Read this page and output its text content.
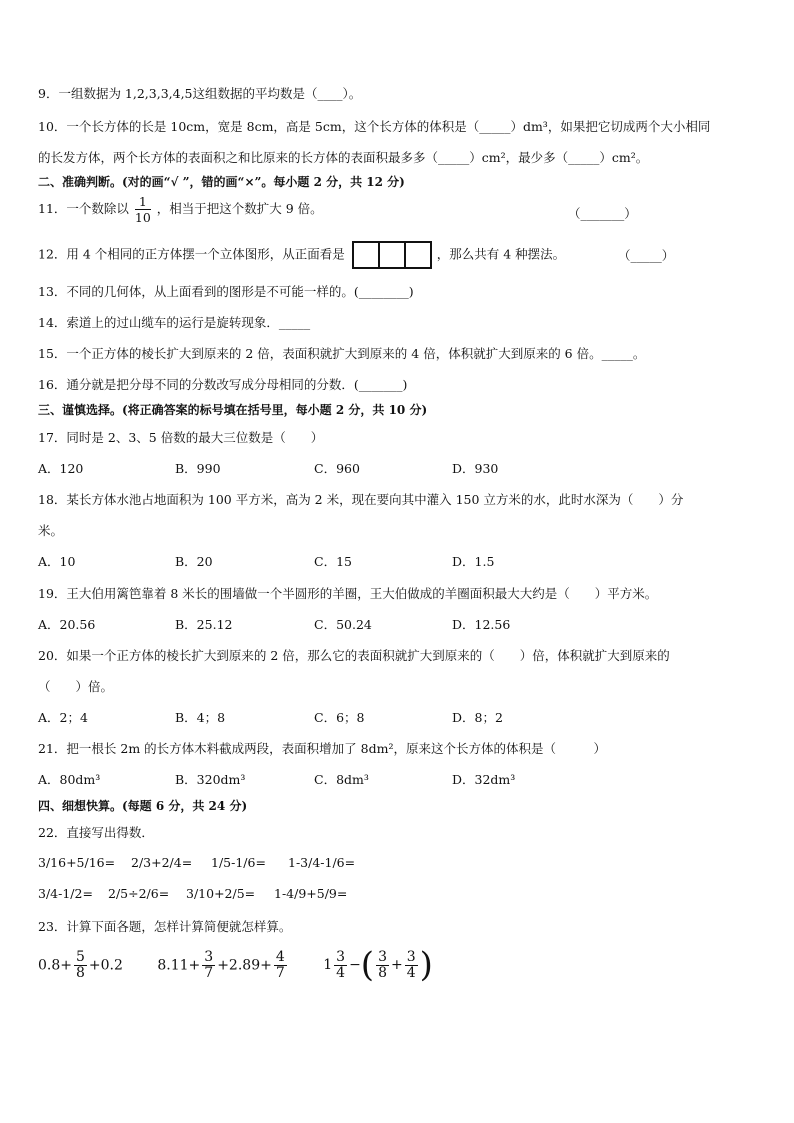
9．一组数据为 1,2,3,3,4,5这组数据的平均数是（____）。
10．一个长方体的长是 10cm，宽是 8cm，高是 5cm，这个长方体的体积是（_____）dm³，如果把它切成两个大小相同
的长发方体，两个长方体的表面积之和比原来的长方体的表面积最多多（_____）cm²，最少多（_____）cm²。
二、准确判断。(对的画“√ ”，错的画“×”。每小题 2 分，共 12 分)
11．一个数除以 $\frac{1}{10}$ ，相当于把这个数扩大 9 倍。	（_______）
12．用 4 个相同的正方体摆一个立体图形，从正面看是	，那么共有 4 种摆法。	（_____）
13．不同的几何体，从上面看到的图形是不可能一样的。(________)
14．索道上的过山缆车的运行是旋转现象．_____
15．一个正方体的棱长扩大到原来的 2 倍，表面积就扩大到原来的 4 倍，体积就扩大到原来的 6 倍。_____。
16．通分就是把分母不同的分数改写成分母相同的分数．(_______)
三、谨慎选择。(将正确答案的标号填在括号里，每小题 2 分，共 10 分)
17．同时是 2、3、5 倍数的最大三位数是（　　）
A．120	B．990	C．960	D．930
18．某长方体水池占地面积为 100 平方米，高为 2 米，现在要向其中灌入 150 立方米的水，此时水深为（　　）分
米。
A．10	B．20	C．15	D．1.5
19．王大伯用篱笆靠着 8 米长的围墙做一个半圆形的羊圈，王大伯做成的羊圈面积最大大约是（　　）平方米。
A．20.56	B．25.12	C．50.24	D．12.56
20．如果一个正方体的棱长扩大到原来的 2 倍，那么它的表面积就扩大到原来的（　　）倍，体积就扩大到原来的
（　　）倍。
A．2；4	B．4；8	C．6；8	D．8；2
21．把一根长 2m 的长方体木料截成两段，表面积增加了 8dm²，原来这个长方体的体积是（　　　）
A．80dm³	B．320dm³	C．8dm³	D．32dm³
四、细想快算。(每题 6 分，共 24 分)
22．直接写出得数．
3/16+5/16= 2/3+2/4= 1/5-1/6= 1-3/4-1/6=
3/4-1/2= 2/5÷2/6= 3/10+2/5= 1-4/9+5/9=
23．计算下面各题，怎样计算简便就怎样算。
$0.8+ \frac{5}{8} +0.2$ $8.11+ \frac{3}{7} +2.89+ \frac{4}{7}$	$1 \frac{3}{4}$ −( $\frac{3}{8} + \frac{3}{4}$ )
